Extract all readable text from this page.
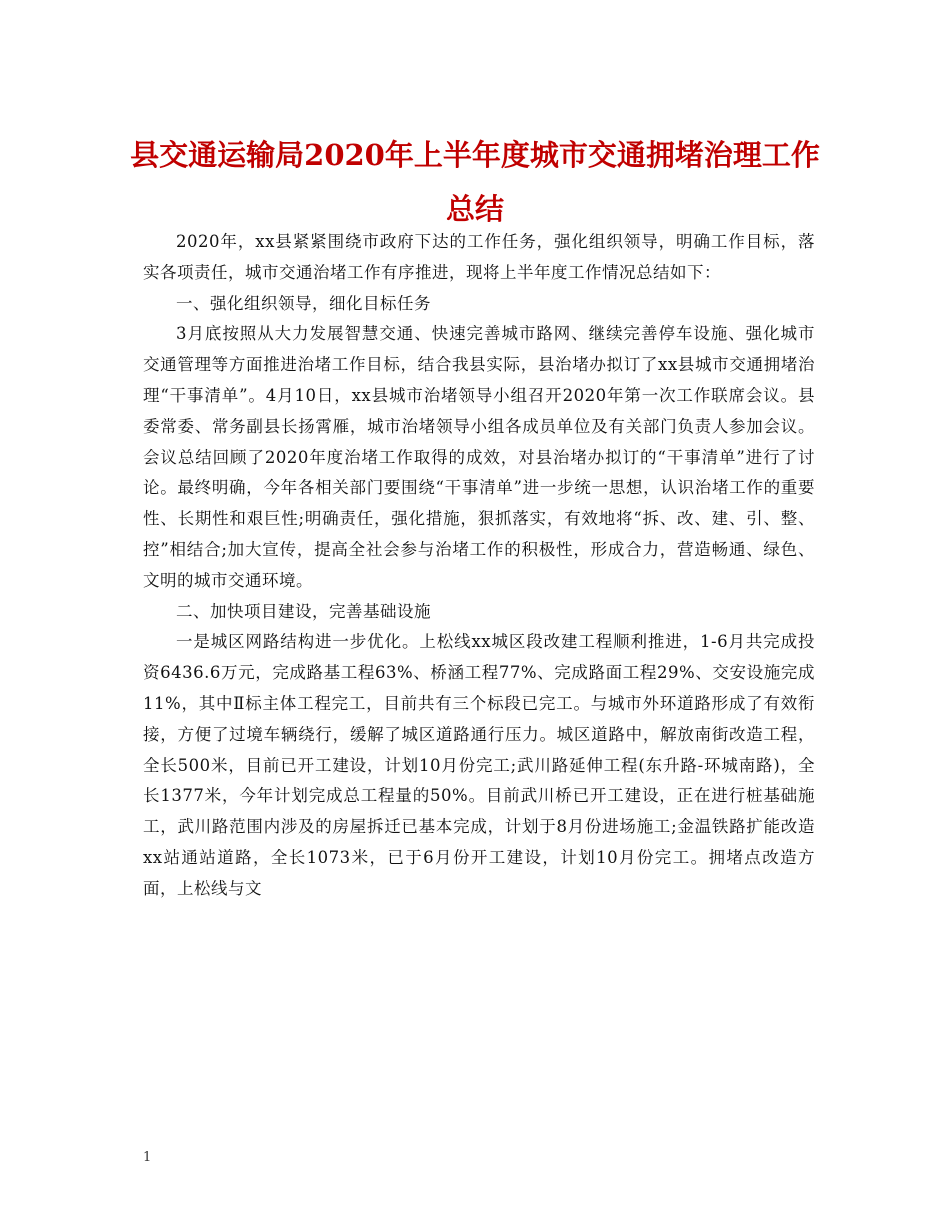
县交通运输局2020年上半年度城市交通拥堵治理工作
总结

2020年，xx县紧紧围绕市政府下达的工作任务，强化组织领导，明确工作目标，落实各项责任，城市交通治堵工作有序推进，现将上半年度工作情况总结如下：

一、强化组织领导，细化目标任务

3月底按照从大力发展智慧交通、快速完善城市路网、继续完善停车设施、强化城市交通管理等方面推进治堵工作目标，结合我县实际，县治堵办拟订了xx县城市交通拥堵治理“干事清单”。4月10日，xx县城市治堵领导小组召开2020年第一次工作联席会议。县委常委、常务副县长扬霄雁，城市治堵领导小组各成员单位及有关部门负责人参加会议。会议总结回顾了2020年度治堵工作取得的成效，对县治堵办拟订的“干事清单”进行了讨论。最终明确，今年各相关部门要围绕“干事清单”进一步统一思想，认识治堵工作的重要性、长期性和艰巨性;明确责任，强化措施，狠抓落实，有效地将“拆、改、建、引、整、控”相结合;加大宣传，提高全社会参与治堵工作的积极性，形成合力，营造畅通、绿色、文明的城市交通环境。

二、加快项目建设，完善基础设施

一是城区网路结构进一步优化。上松线xx城区段改建工程顺利推进，1-6月共完成投资6436.6万元，完成路基工程63%、桥涵工程77%、完成路面工程29%、交安设施完成11%，其中Ⅱ标主体工程完工，目前共有三个标段已完工。与城市外环道路形成了有效衔接，方便了过境车辆绕行，缓解了城区道路通行压力。城区道路中，解放南街改造工程，全长500米，目前已开工建设，计划10月份完工;武川路延伸工程(东升路-环城南路)，全长1377米，今年计划完成总工程量的50%。目前武川桥已开工建设，正在进行桩基础施工，武川路范围内涉及的房屋拆迁已基本完成，计划于8月份进场施工;金温铁路扩能改造xx站通站道路，全长1073米，已于6月份开工建设，计划10月份完工。拥堵点改造方面，上松线与文

1
